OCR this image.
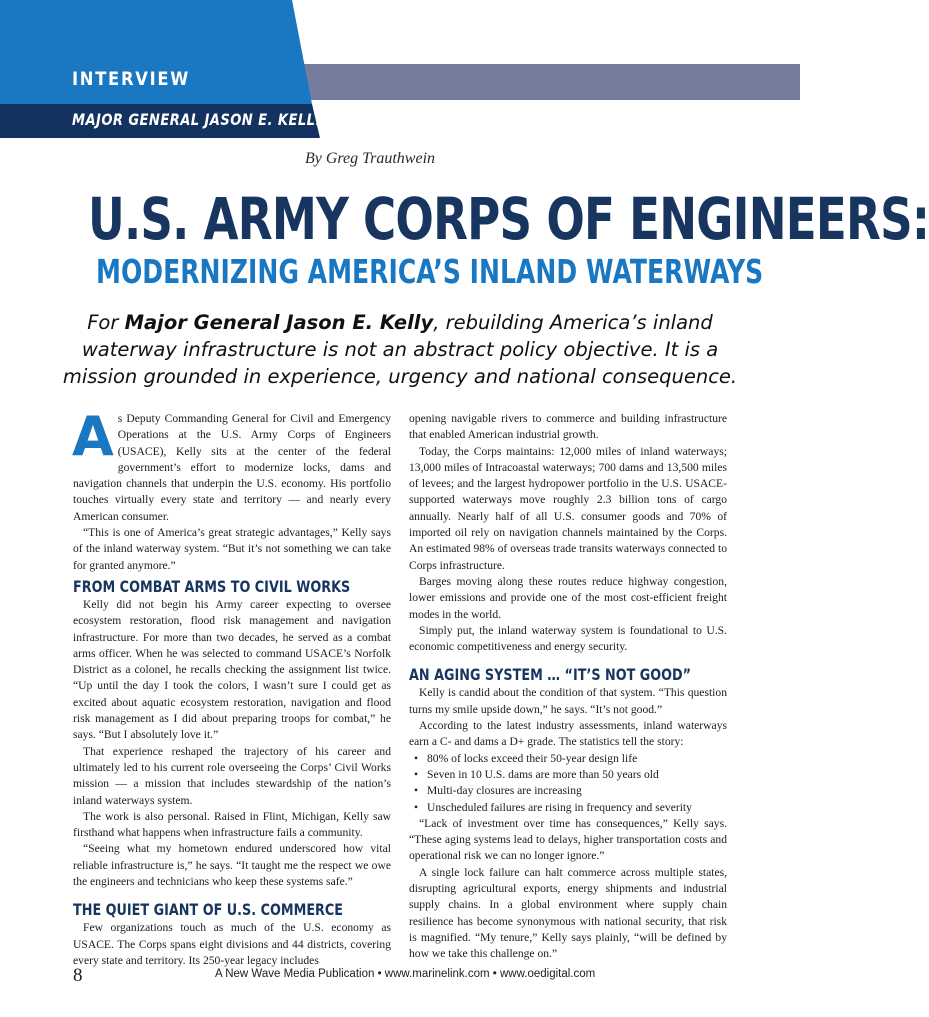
INTERVIEW

MAJOR GENERAL JASON E. KELLY

By Greg Trauthwein
U.S. ARMY CORPS OF ENGINEERS:
MODERNIZING AMERICA’S INLAND WATERWAYS

For Major General Jason E. Kelly, rebuilding America’s inland waterway infrastructure is not an abstract policy objective. It is a mission grounded in experience, urgency and national consequence.

As Deputy Commanding General for Civil and Emergency Operations at the U.S. Army Corps of Engineers (USACE), Kelly sits at the center of the federal government’s effort to modernize locks, dams and navigation channels that underpin the U.S. economy. His portfolio touches virtually every state and territory — and nearly every American consumer.

“This is one of America’s great strategic advantages,” Kelly says of the inland waterway system. “But it’s not something we can take for granted anymore.”

FROM COMBAT ARMS TO CIVIL WORKS

Kelly did not begin his Army career expecting to oversee ecosystem restoration, flood risk management and navigation infrastructure. For more than two decades, he served as a combat arms officer. When he was selected to command USACE’s Norfolk District as a colonel, he recalls checking the assignment list twice. “Up until the day I took the colors, I wasn’t sure I could get as excited about aquatic ecosystem restoration, navigation and flood risk management as I did about preparing troops for combat,” he says. “But I absolutely love it.”

That experience reshaped the trajectory of his career and ultimately led to his current role overseeing the Corps’ Civil Works mission — a mission that includes stewardship of the nation’s inland waterways system.

The work is also personal. Raised in Flint, Michigan, Kelly saw firsthand what happens when infrastructure fails a community.

“Seeing what my hometown endured underscored how vital reliable infrastructure is,” he says. “It taught me the respect we owe the engineers and technicians who keep these systems safe.”

THE QUIET GIANT OF U.S. COMMERCE

Few organizations touch as much of the U.S. economy as USACE. The Corps spans eight divisions and 44 districts, covering every state and territory. Its 250-year legacy includes

opening navigable rivers to commerce and building infrastructure that enabled American industrial growth.

Today, the Corps maintains: 12,000 miles of inland waterways; 13,000 miles of Intracoastal waterways; 700 dams and 13,500 miles of levees; and the largest hydropower portfolio in the U.S. USACE-supported waterways move roughly 2.3 billion tons of cargo annually. Nearly half of all U.S. consumer goods and 70% of imported oil rely on navigation channels maintained by the Corps. An estimated 98% of overseas trade transits waterways connected to Corps infrastructure.

Barges moving along these routes reduce highway congestion, lower emissions and provide one of the most cost-efficient freight modes in the world.

Simply put, the inland waterway system is foundational to U.S. economic competitiveness and energy security.

AN AGING SYSTEM … “IT’S NOT GOOD”

Kelly is candid about the condition of that system. “This question turns my smile upside down,” he says. “It’s not good.”

According to the latest industry assessments, inland waterways earn a C- and dams a D+ grade. The statistics tell the story:

• 80% of locks exceed their 50-year design life
• Seven in 10 U.S. dams are more than 50 years old
• Multi-day closures are increasing
• Unscheduled failures are rising in frequency and severity

“Lack of investment over time has consequences,” Kelly says. “These aging systems lead to delays, higher transportation costs and operational risk we can no longer ignore.”

A single lock failure can halt commerce across multiple states, disrupting agricultural exports, energy shipments and industrial supply chains. In a global environment where supply chain resilience has become synonymous with national security, that risk is magnified. “My tenure,” Kelly says plainly, “will be defined by how we take this challenge on.”

8	A New Wave Media Publication • www.marinelink.com • www.oedigital.com
